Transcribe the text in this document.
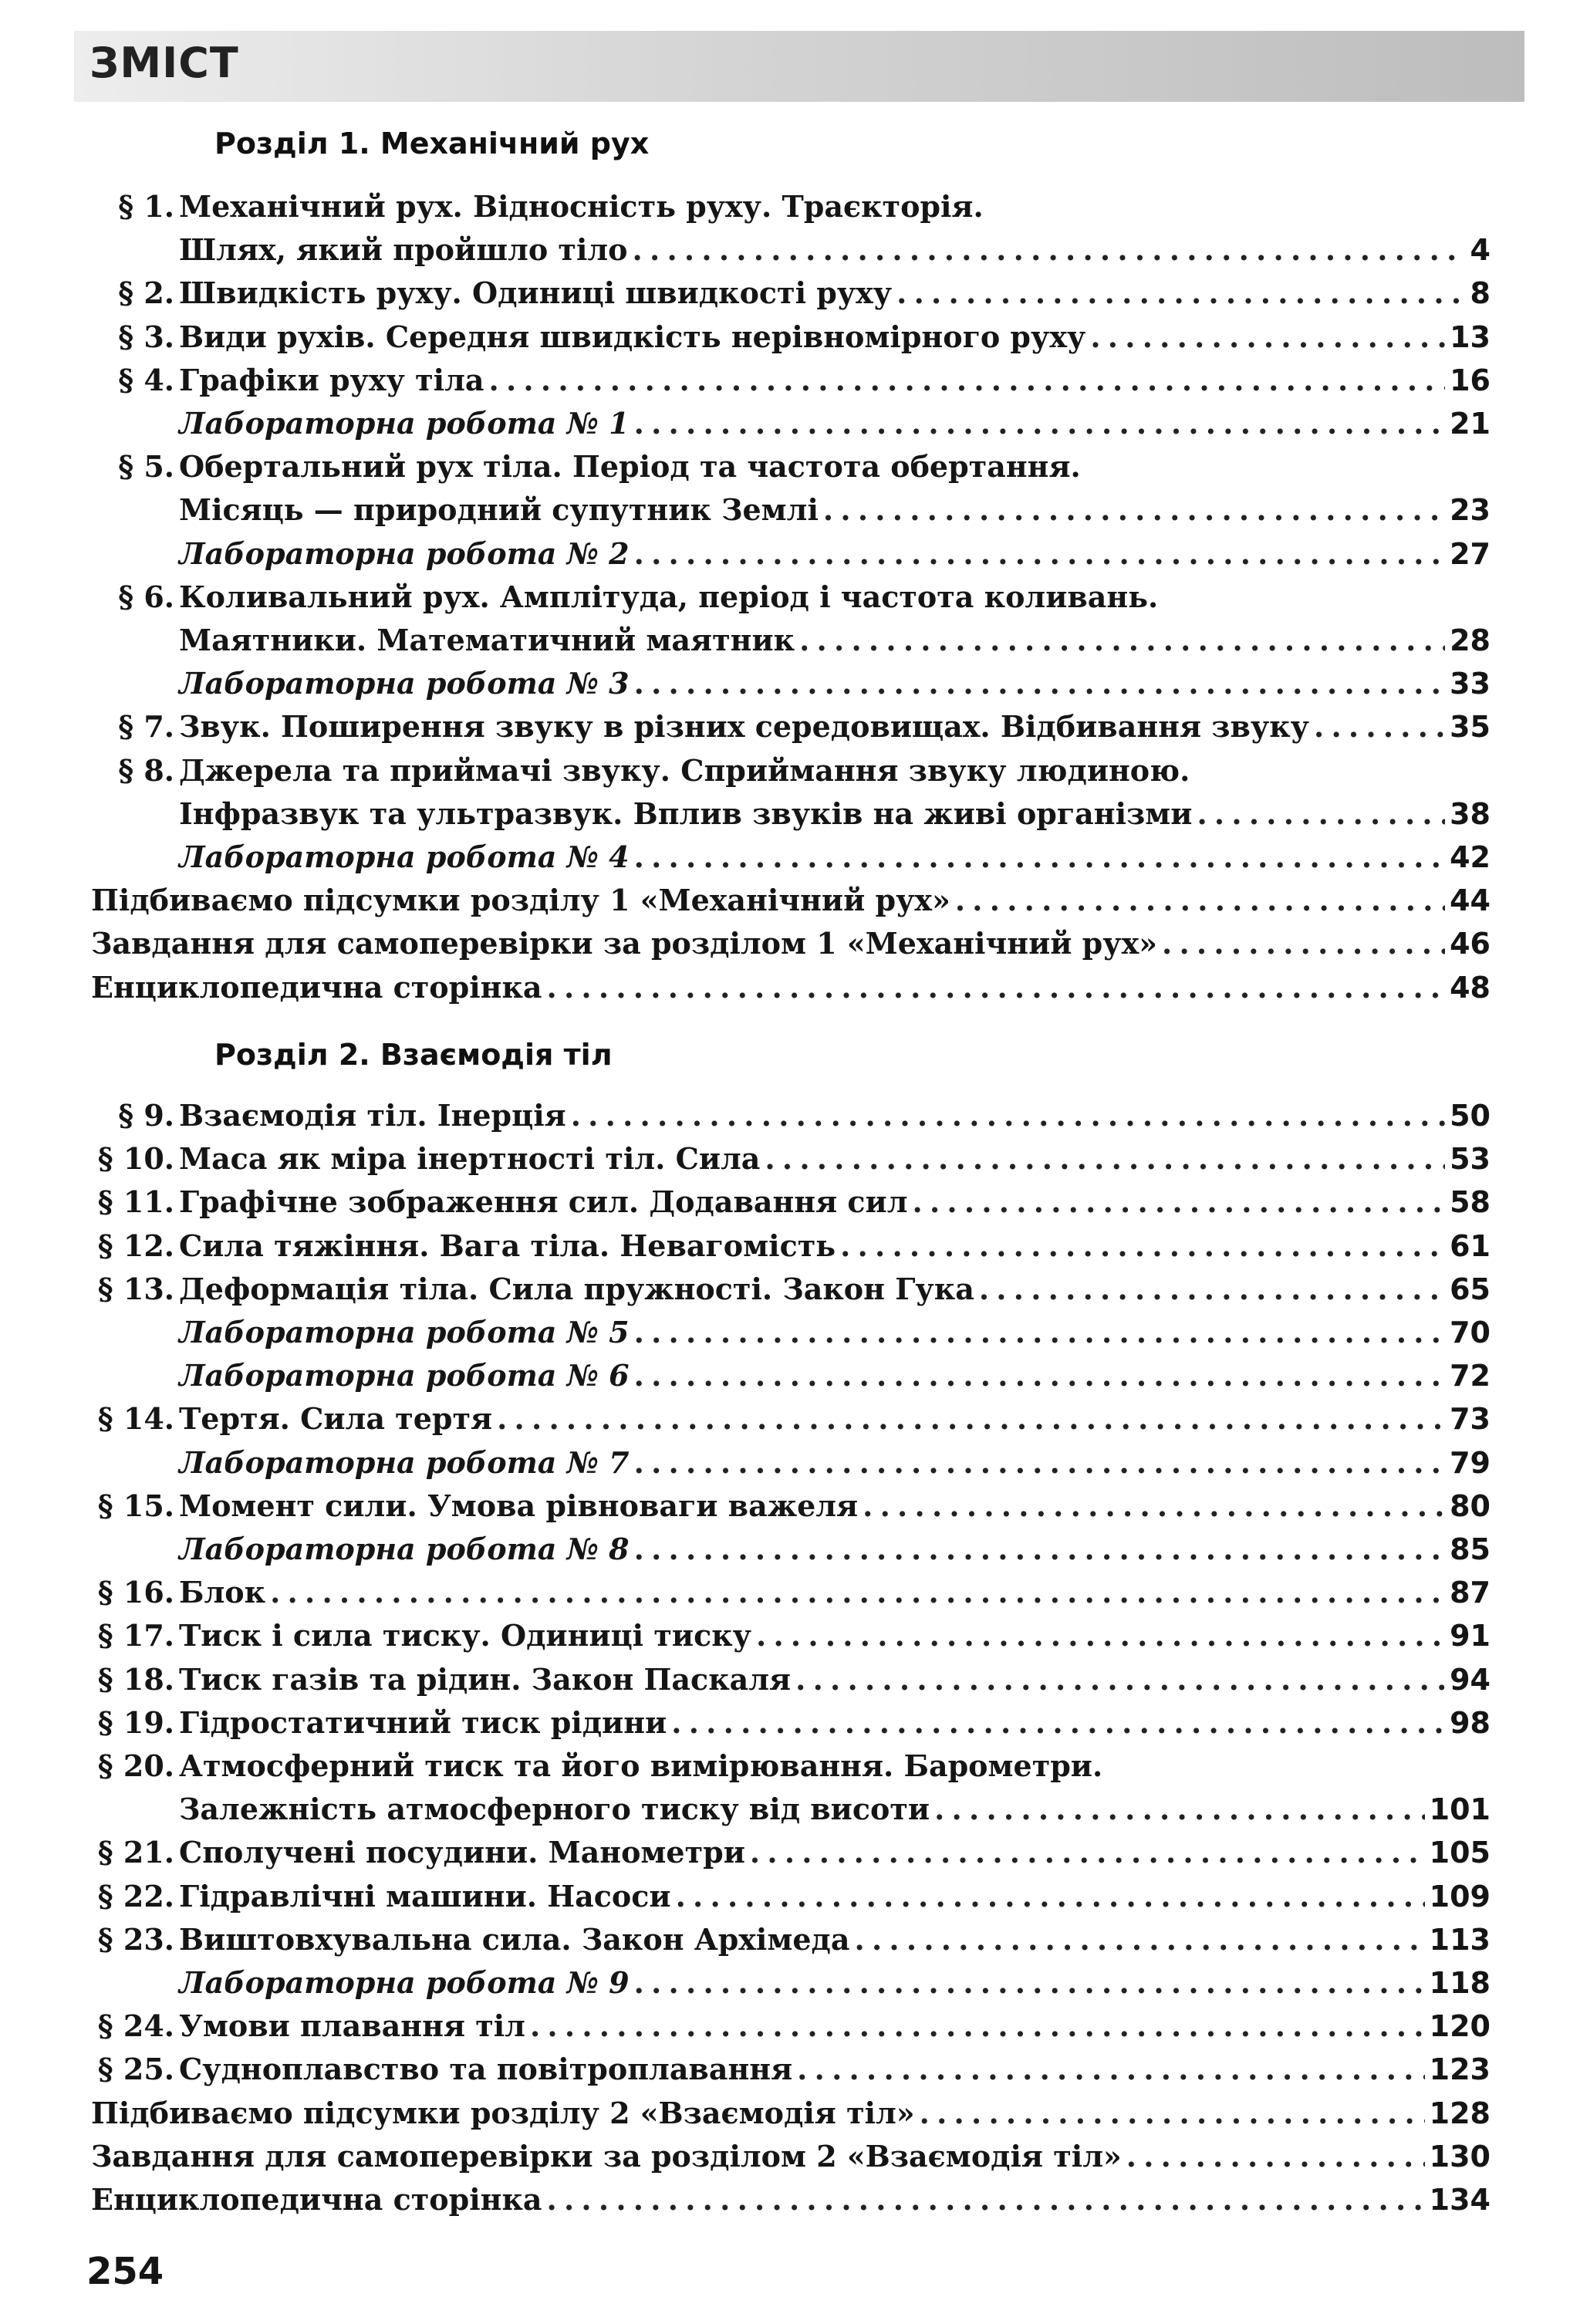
ЗМІСТ
Розділ 1. Механічний рух
Розділ 2. Взаємодія тіл
§ 1. Механічний рух. Відносність руху. Траєкторія.
Шлях, який пройшло тіло . . .	4
§ 2. Швидкість руху. Одиниці швидкості руху . . .	8
§ 3. Види рухів. Середня швидкість нерівномірного руху . . .	13
§ 4. Графіки руху тіла . . .	16
Лабораторна робота № 1 . . .	21
§ 5. Обертальний рух тіла. Період та частота обертання.
Місяць — природний супутник Землі . . .	23
Лабораторна робота № 2 . . .	27
§ 6. Коливальний рух. Амплітуда, період і частота коливань.
Маятники. Математичний маятник . . .	28
Лабораторна робота № 3 . . .	33
§ 7. Звук. Поширення звуку в різних середовищах. Відбивання звуку . . .	35
§ 8. Джерела та приймачі звуку. Сприймання звуку людиною.
Інфразвук та ультразвук. Вплив звуків на живі організми . . .	38
Лабораторна робота № 4 . . .	42
Підбиваємо підсумки розділу 1 «Механічний рух» . . .	44
Завдання для самоперевірки за розділом 1 «Механічний рух» . . .	46
Енциклопедична сторінка . . .	48
§ 9. Взаємодія тіл. Інерція . . .	50
§ 10. Маса як міра інертності тіл. Сила . . .	53
§ 11. Графічне зображення сил. Додавання сил . . .	58
§ 12. Сила тяжіння. Вага тіла. Невагомість . . .	61
§ 13. Деформація тіла. Сила пружності. Закон Гука . . .	65
Лабораторна робота № 5 . . .	70
Лабораторна робота № 6 . . .	72
§ 14. Тертя. Сила тертя . . .	73
Лабораторна робота № 7 . . .	79
§ 15. Момент сили. Умова рівноваги важеля . . .	80
Лабораторна робота № 8 . . .	85
§ 16. Блок . . .	87
§ 17. Тиск і сила тиску. Одиниці тиску . . .	91
§ 18. Тиск газів та рідин. Закон Паскаля . . .	94
§ 19. Гідростатичний тиск рідини . . .	98
§ 20. Атмосферний тиск та його вимірювання. Барометри.
Залежність атмосферного тиску від висоти . . .	101
§ 21. Сполучені посудини. Манометри . . .	105
§ 22. Гідравлічні машини. Насоси . . .	109
§ 23. Виштовхувальна сила. Закон Архімеда . . .	113
Лабораторна робота № 9 . . .	118
§ 24. Умови плавання тіл . . .	120
§ 25. Судноплавство та повітроплавання . . .	123
Підбиваємо підсумки розділу 2 «Взаємодія тіл» . . .	128
Завдання для самоперевірки за розділом 2 «Взаємодія тіл» . . .	130
Енциклопедична сторінка . . .	134
254
